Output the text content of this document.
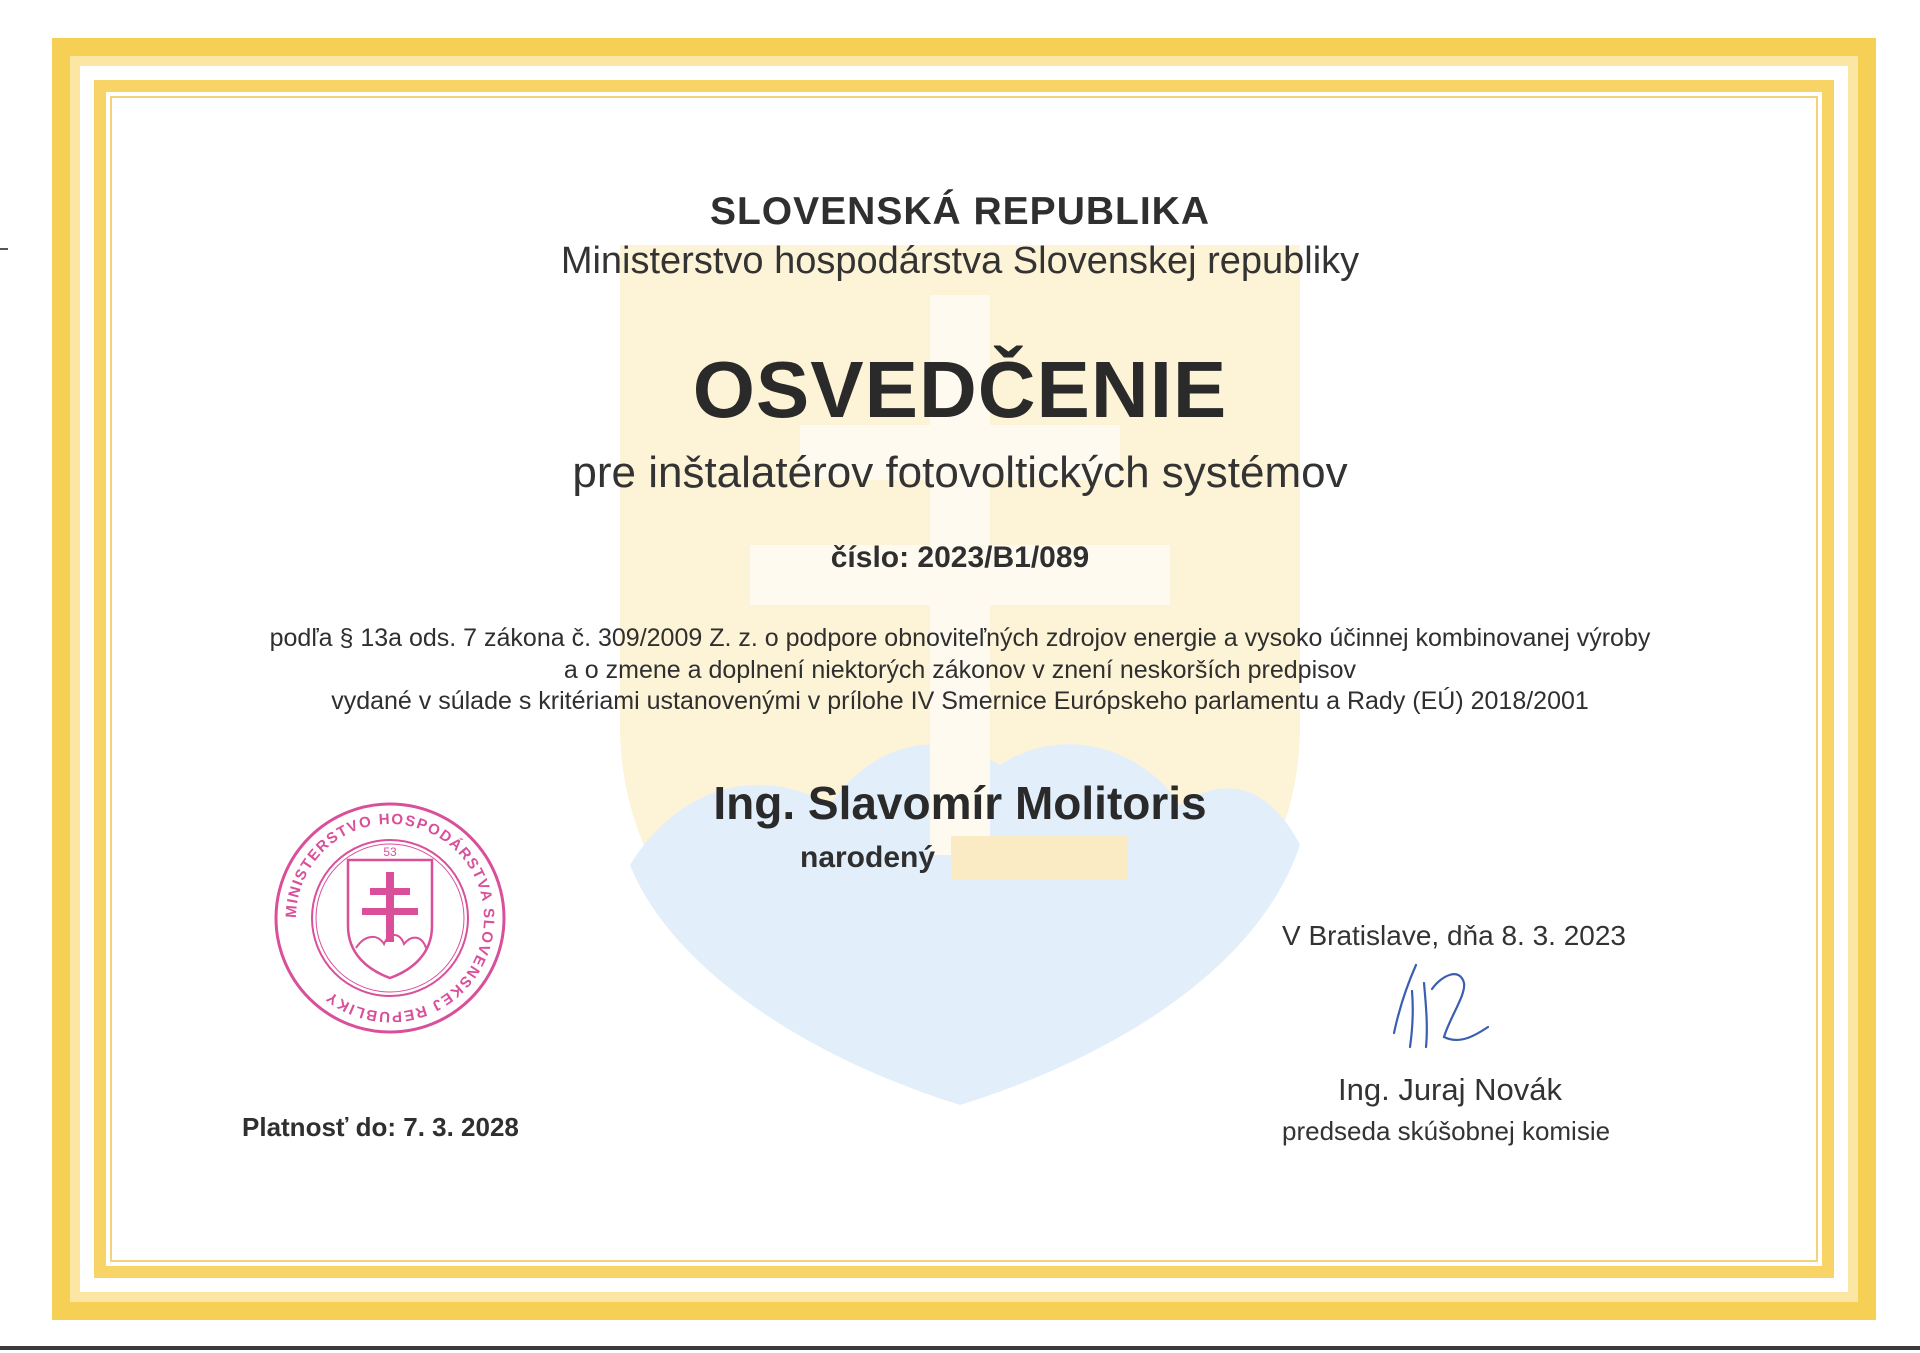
SLOVENSKÁ REPUBLIKA
Ministerstvo hospodárstva Slovenskej republiky
OSVEDČENIE
pre inštalatérov fotovoltických systémov
číslo: 2023/B1/089
podľa § 13a ods. 7 zákona č. 309/2009 Z. z. o podpore obnoviteľných zdrojov energie a vysoko účinnej kombinovanej výroby
a o zmene a doplnení niektorých zákonov v znení neskorších predpisov
vydané v súlade s kritériami ustanovenými v prílohe IV Smernice Európskeho parlamentu a Rady (EÚ) 2018/2001
Ing. Slavomír Molitoris
narodený
MINISTERSTVO HOSPODÁRSTVA SLOVENSKEJ REPUBLIKY
53
V Bratislave, dňa 8. 3. 2023
Ing. Juraj Novák
predseda skúšobnej komisie
Platnosť do: 7. 3. 2028
